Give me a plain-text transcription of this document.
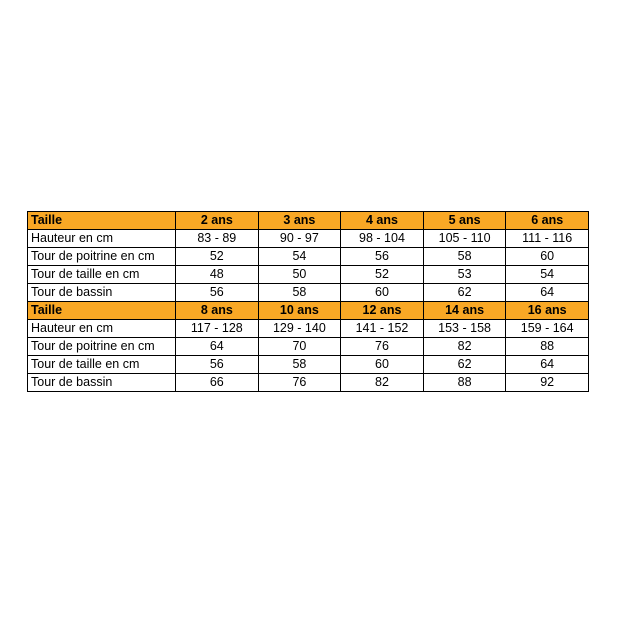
Taille	2 ans	3 ans	4 ans	5 ans	6 ans
Hauteur en cm	83 - 89	90 - 97	98 - 104	105 - 110	111 - 116
Tour de poitrine en cm	52	54	56	58	60
Tour de taille en cm	48	50	52	53	54
Tour de bassin	56	58	60	62	64
Taille	8 ans	10 ans	12 ans	14 ans	16 ans
Hauteur en cm	117 - 128	129 - 140	141 - 152	153 - 158	159 - 164
Tour de poitrine en cm	64	70	76	82	88
Tour de taille en cm	56	58	60	62	64
Tour de bassin	66	76	82	88	92
